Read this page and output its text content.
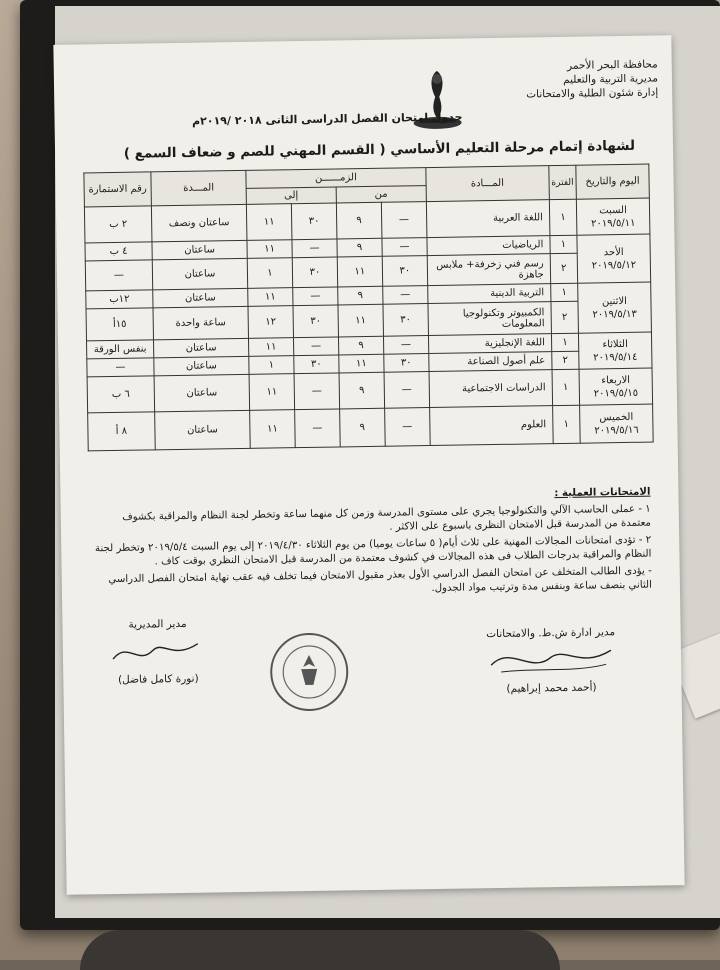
محافظة البحر الأحمر
مديرية التربية والتعليم
إدارة شئون الطلبة والامتحانات
جدول امتحان الفصل الدراسى الثانى ٢٠١٨ /٢٠١٩م
لشهادة إتمام مرحلة التعليم الأساسي ( القسم المهني للصم و ضعاف السمع )
اليوم والتاريخ	الفترة	المـــادة	الزمــــــن				المـــدة	رقم الاستمارة
			من		إلى			

السبت
٢٠١٩/٥/١١	١	اللغة العربية	—	٩	٣٠	١١	ساعتان ونصف	٢ ب

الأحد
٢٠١٩/٥/١٢	١	الرياضيات	—	٩	—	١١	ساعتان	٤ ب
	٢	رسم فني زخرفة+ ملابس جاهزة	٣٠	١١	٣٠	١	ساعتان	—

الاثنين
٢٠١٩/٥/١٣	١	التربية الدينية	—	٩	—	١١	ساعتان	١٢ب
	٢	الكمبيوتر وتكنولوجيا المعلومات	٣٠	١١	٣٠	١٢	ساعة واحدة	١٥أ

الثلاثاء
٢٠١٩/٥/١٤	١	اللغة الإنجليزية	—	٩	—	١١	ساعتان	بنفس الورقة
	٢	علم أصول الصناعة	٣٠	١١	٣٠	١	ساعتان	—

الاربعاء
٢٠١٩/٥/١٥	١	الدراسات الاجتماعية	—	٩	—	١١	ساعتان	٦ ب

الخميس
٢٠١٩/٥/١٦	١	العلوم	—	٩	—	١١	ساعتان	٨ أ
الامتحانات العملية :

١ - عملى الحاسب الآلي والتكنولوجيا يجري على مستوى المدرسة وزمن كل منهما ساعة وتخطر لجنة النظام والمراقبة بكشوف معتمدة من المدرسة قبل الامتحان النظرى باسبوع على الاكثر .

٢ - تؤدى امتحانات المجالات المهنية على ثلاث أيام( ٥ ساعات يوميا) من يوم الثلاثاء ٢٠١٩/٤/٣٠ إلى يوم السبت ٢٠١٩/٥/٤ وتخطر لجنة النظام والمراقبة بدرجات الطلاب فى هذه المجالات في كشوف معتمدة من المدرسة قبل الامتحان النظري بوقت كاف .

- يؤدى الطالب المتخلف عن امتحان الفصل الدراسي الأول بعذر مقبول الامتحان فيما تخلف فيه عقب نهاية امتحان الفصل الدراسي الثاني بنصف ساعة وبنفس مدة وترتيب مواد الجدول.

مدير ادارة ش.ط. والامتحانات
(أحمد محمد إبراهيم)
مدير المديرية
(نورة كامل فاضل)
